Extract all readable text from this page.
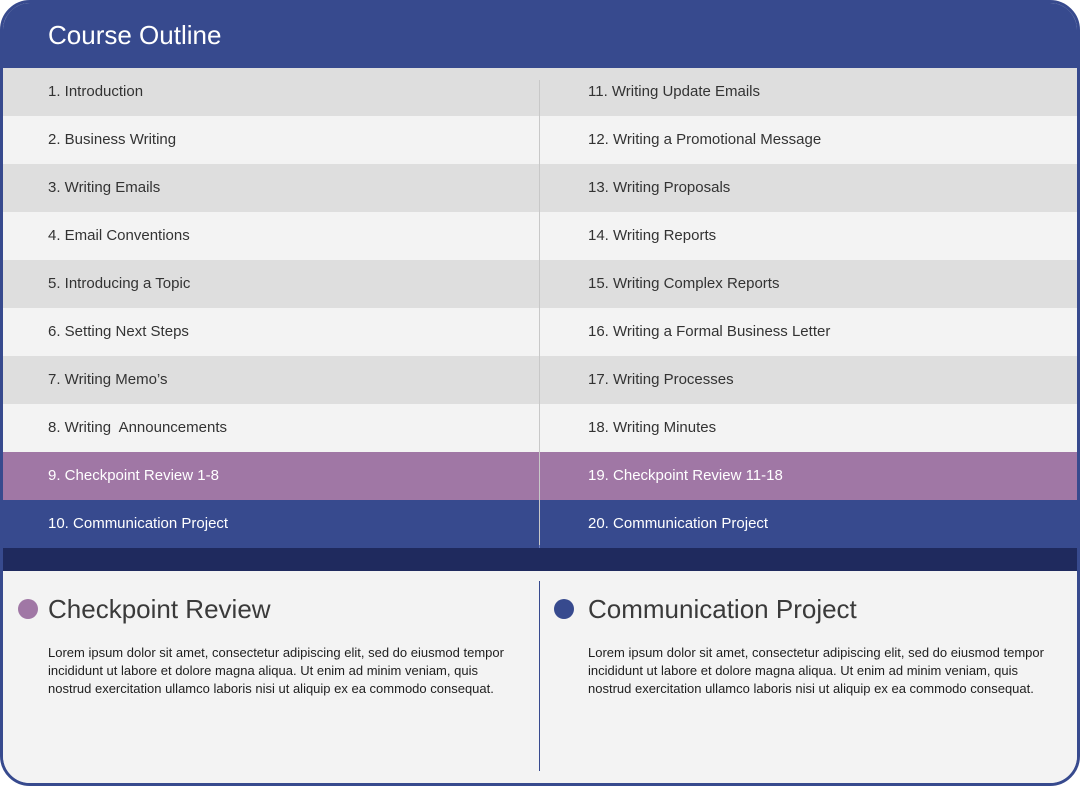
Course Outline
1. Introduction	11. Writing Update Emails
2. Business Writing	12. Writing a Promotional Message
3. Writing Emails	13. Writing Proposals
4. Email Conventions	14. Writing Reports
5. Introducing a Topic	15. Writing Complex Reports
6. Setting Next Steps	16. Writing a Formal Business Letter
7. Writing Memo’s	17. Writing Processes
8. Writing  Announcements	18. Writing Minutes
9. Checkpoint Review 1-8	19. Checkpoint Review 11-18
10. Communication Project	20. Communication Project
Checkpoint Review

Lorem ipsum dolor sit amet, consectetur adipiscing elit, sed do eiusmod tempor incididunt ut labore et dolore magna aliqua. Ut enim ad minim veniam, quis nostrud exercitation ullamco laboris nisi ut aliquip ex ea commodo consequat.

Communication Project

Lorem ipsum dolor sit amet, consectetur adipiscing elit, sed do eiusmod tempor incididunt ut labore et dolore magna aliqua. Ut enim ad minim veniam, quis nostrud exercitation ullamco laboris nisi ut aliquip ex ea commodo consequat.
